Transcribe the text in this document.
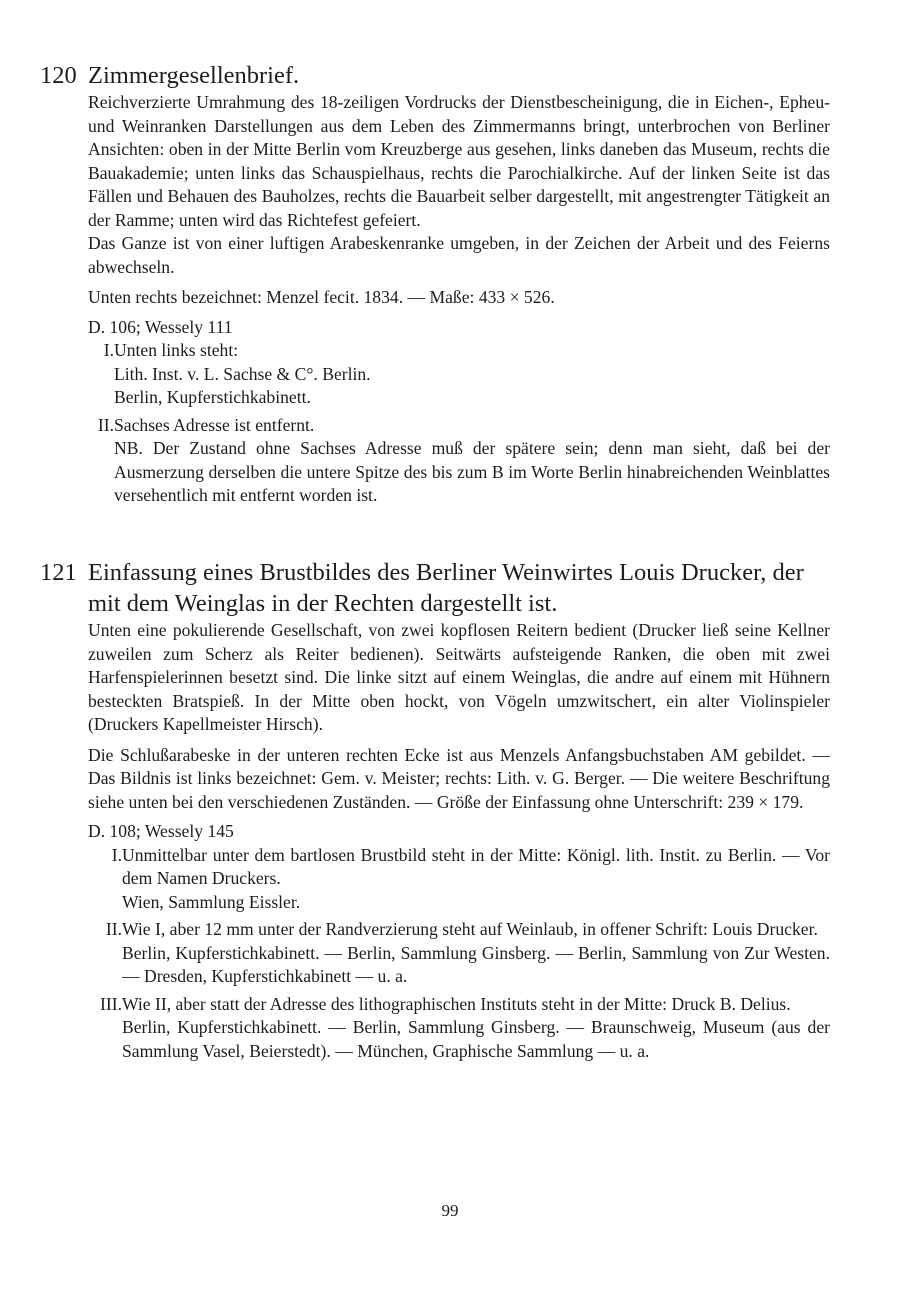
120 Zimmergesellenbrief.
Reichverzierte Umrahmung des 18-zeiligen Vordrucks der Dienstbescheinigung, die in Eichen-, Epheu- und Weinranken Darstellungen aus dem Leben des Zimmermanns bringt, unterbrochen von Berliner Ansichten: oben in der Mitte Berlin vom Kreuzberge aus gesehen, links daneben das Museum, rechts die Bauakademie; unten links das Schauspielhaus, rechts die Parochialkirche. Auf der linken Seite ist das Fällen und Behauen des Bauholzes, rechts die Bauarbeit selber dargestellt, mit angestrengter Tätigkeit an der Ramme; unten wird das Richtefest gefeiert.
Das Ganze ist von einer luftigen Arabeskenranke umgeben, in der Zeichen der Arbeit und des Feierns abwechseln.
Unten rechts bezeichnet: Menzel fecit. 1834. — Maße: 433 × 526.
D. 106; Wessely 111
I. Unten links steht:
Lith. Inst. v. L. Sachse & C°. Berlin.
Berlin, Kupferstichkabinett.
II. Sachses Adresse ist entfernt.
NB. Der Zustand ohne Sachses Adresse muß der spätere sein; denn man sieht, daß bei der Ausmerzung derselben die untere Spitze des bis zum B im Worte Berlin hinabreichenden Weinblattes versehentlich mit entfernt worden ist.
121 Einfassung eines Brustbildes des Berliner Weinwirtes Louis Drucker, der mit dem Weinglas in der Rechten dargestellt ist.
Unten eine pokulierende Gesellschaft, von zwei kopflosen Reitern bedient (Drucker ließ seine Kellner zuweilen zum Scherz als Reiter bedienen). Seitwärts aufsteigende Ranken, die oben mit zwei Harfenspielerinnen besetzt sind. Die linke sitzt auf einem Weinglas, die andre auf einem mit Hühnern besteckten Bratspieß. In der Mitte oben hockt, von Vögeln umzwitschert, ein alter Violinspieler (Druckers Kapellmeister Hirsch).
Die Schlußarabeske in der unteren rechten Ecke ist aus Menzels Anfangsbuchstaben AM gebildet. — Das Bildnis ist links bezeichnet: Gem. v. Meister; rechts: Lith. v. G. Berger. — Die weitere Beschriftung siehe unten bei den verschiedenen Zuständen. — Größe der Einfassung ohne Unterschrift: 239 × 179.
D. 108; Wessely 145
I. Unmittelbar unter dem bartlosen Brustbild steht in der Mitte: Königl. lith. Instit. zu Berlin. — Vor dem Namen Druckers.
Wien, Sammlung Eissler.
II. Wie I, aber 12 mm unter der Randverzierung steht auf Weinlaub, in offener Schrift: Louis Drucker.
Berlin, Kupferstichkabinett. — Berlin, Sammlung Ginsberg. — Berlin, Sammlung von Zur Westen. — Dresden, Kupferstichkabinett — u. a.
III. Wie II, aber statt der Adresse des lithographischen Instituts steht in der Mitte: Druck B. Delius.
Berlin, Kupferstichkabinett. — Berlin, Sammlung Ginsberg. — Braunschweig, Museum (aus der Sammlung Vasel, Beierstedt). — München, Graphische Sammlung — u. a.
99
